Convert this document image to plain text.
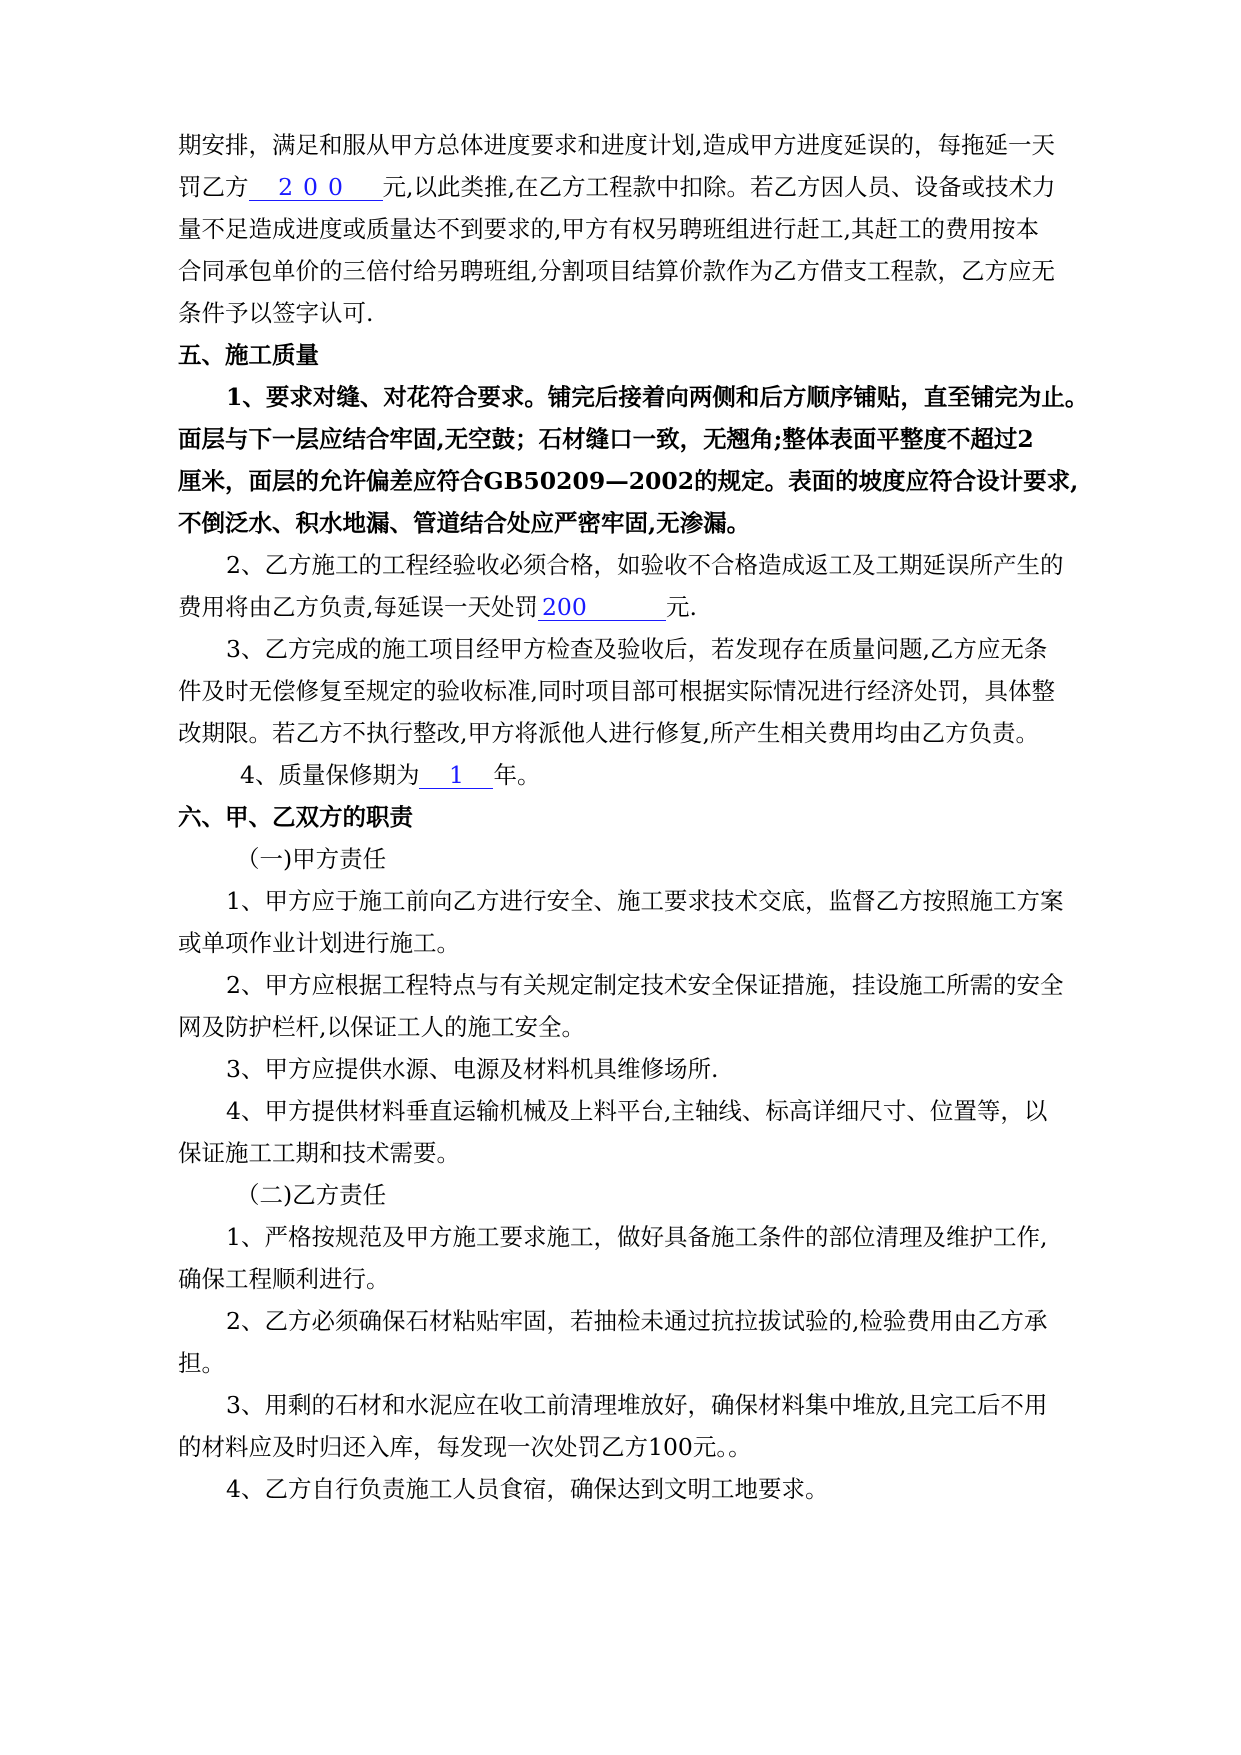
期安排，满足和服从甲方总体进度要求和进度计划,造成甲方进度延误的，每拖延一天
罚乙方 200 元,以此类推,在乙方工程款中扣除。若乙方因人员、设备或技术力
量不足造成进度或质量达不到要求的,甲方有权另聘班组进行赶工,其赶工的费用按本
合同承包单价的三倍付给另聘班组,分割项目结算价款作为乙方借支工程款，乙方应无
条件予以签字认可.
五、施工质量
1、要求对缝、对花符合要求。铺完后接着向两侧和后方顺序铺贴，直至铺完为止。
面层与下一层应结合牢固,无空鼓；石材缝口一致，无翘角;整体表面平整度不超过2
厘米，面层的允许偏差应符合GB50209—2002的规定。表面的坡度应符合设计要求,
不倒泛水、积水地漏、管道结合处应严密牢固,无渗漏。
2、乙方施工的工程经验收必须合格，如验收不合格造成返工及工期延误所产生的
费用将由乙方负责,每延误一天处罚 200	元.
3、乙方完成的施工项目经甲方检查及验收后，若发现存在质量问题,乙方应无条
件及时无偿修复至规定的验收标准,同时项目部可根据实际情况进行经济处罚，具体整
改期限。若乙方不执行整改,甲方将派他人进行修复,所产生相关费用均由乙方负责。
4、质量保修期为 1 年。
六、甲、乙双方的职责
（一)甲方责任
1、甲方应于施工前向乙方进行安全、施工要求技术交底，监督乙方按照施工方案
或单项作业计划进行施工。
2、甲方应根据工程特点与有关规定制定技术安全保证措施，挂设施工所需的安全
网及防护栏杆,以保证工人的施工安全。
3、甲方应提供水源、电源及材料机具维修场所.
4、甲方提供材料垂直运输机械及上料平台,主轴线、标高详细尺寸、位置等，以
保证施工工期和技术需要。
（二)乙方责任
1、严格按规范及甲方施工要求施工，做好具备施工条件的部位清理及维护工作,
确保工程顺利进行。
2、乙方必须确保石材粘贴牢固，若抽检未通过抗拉拔试验的,检验费用由乙方承
担。
3、用剩的石材和水泥应在收工前清理堆放好，确保材料集中堆放,且完工后不用
的材料应及时归还入库，每发现一次处罚乙方100元。。
4、乙方自行负责施工人员食宿，确保达到文明工地要求。
